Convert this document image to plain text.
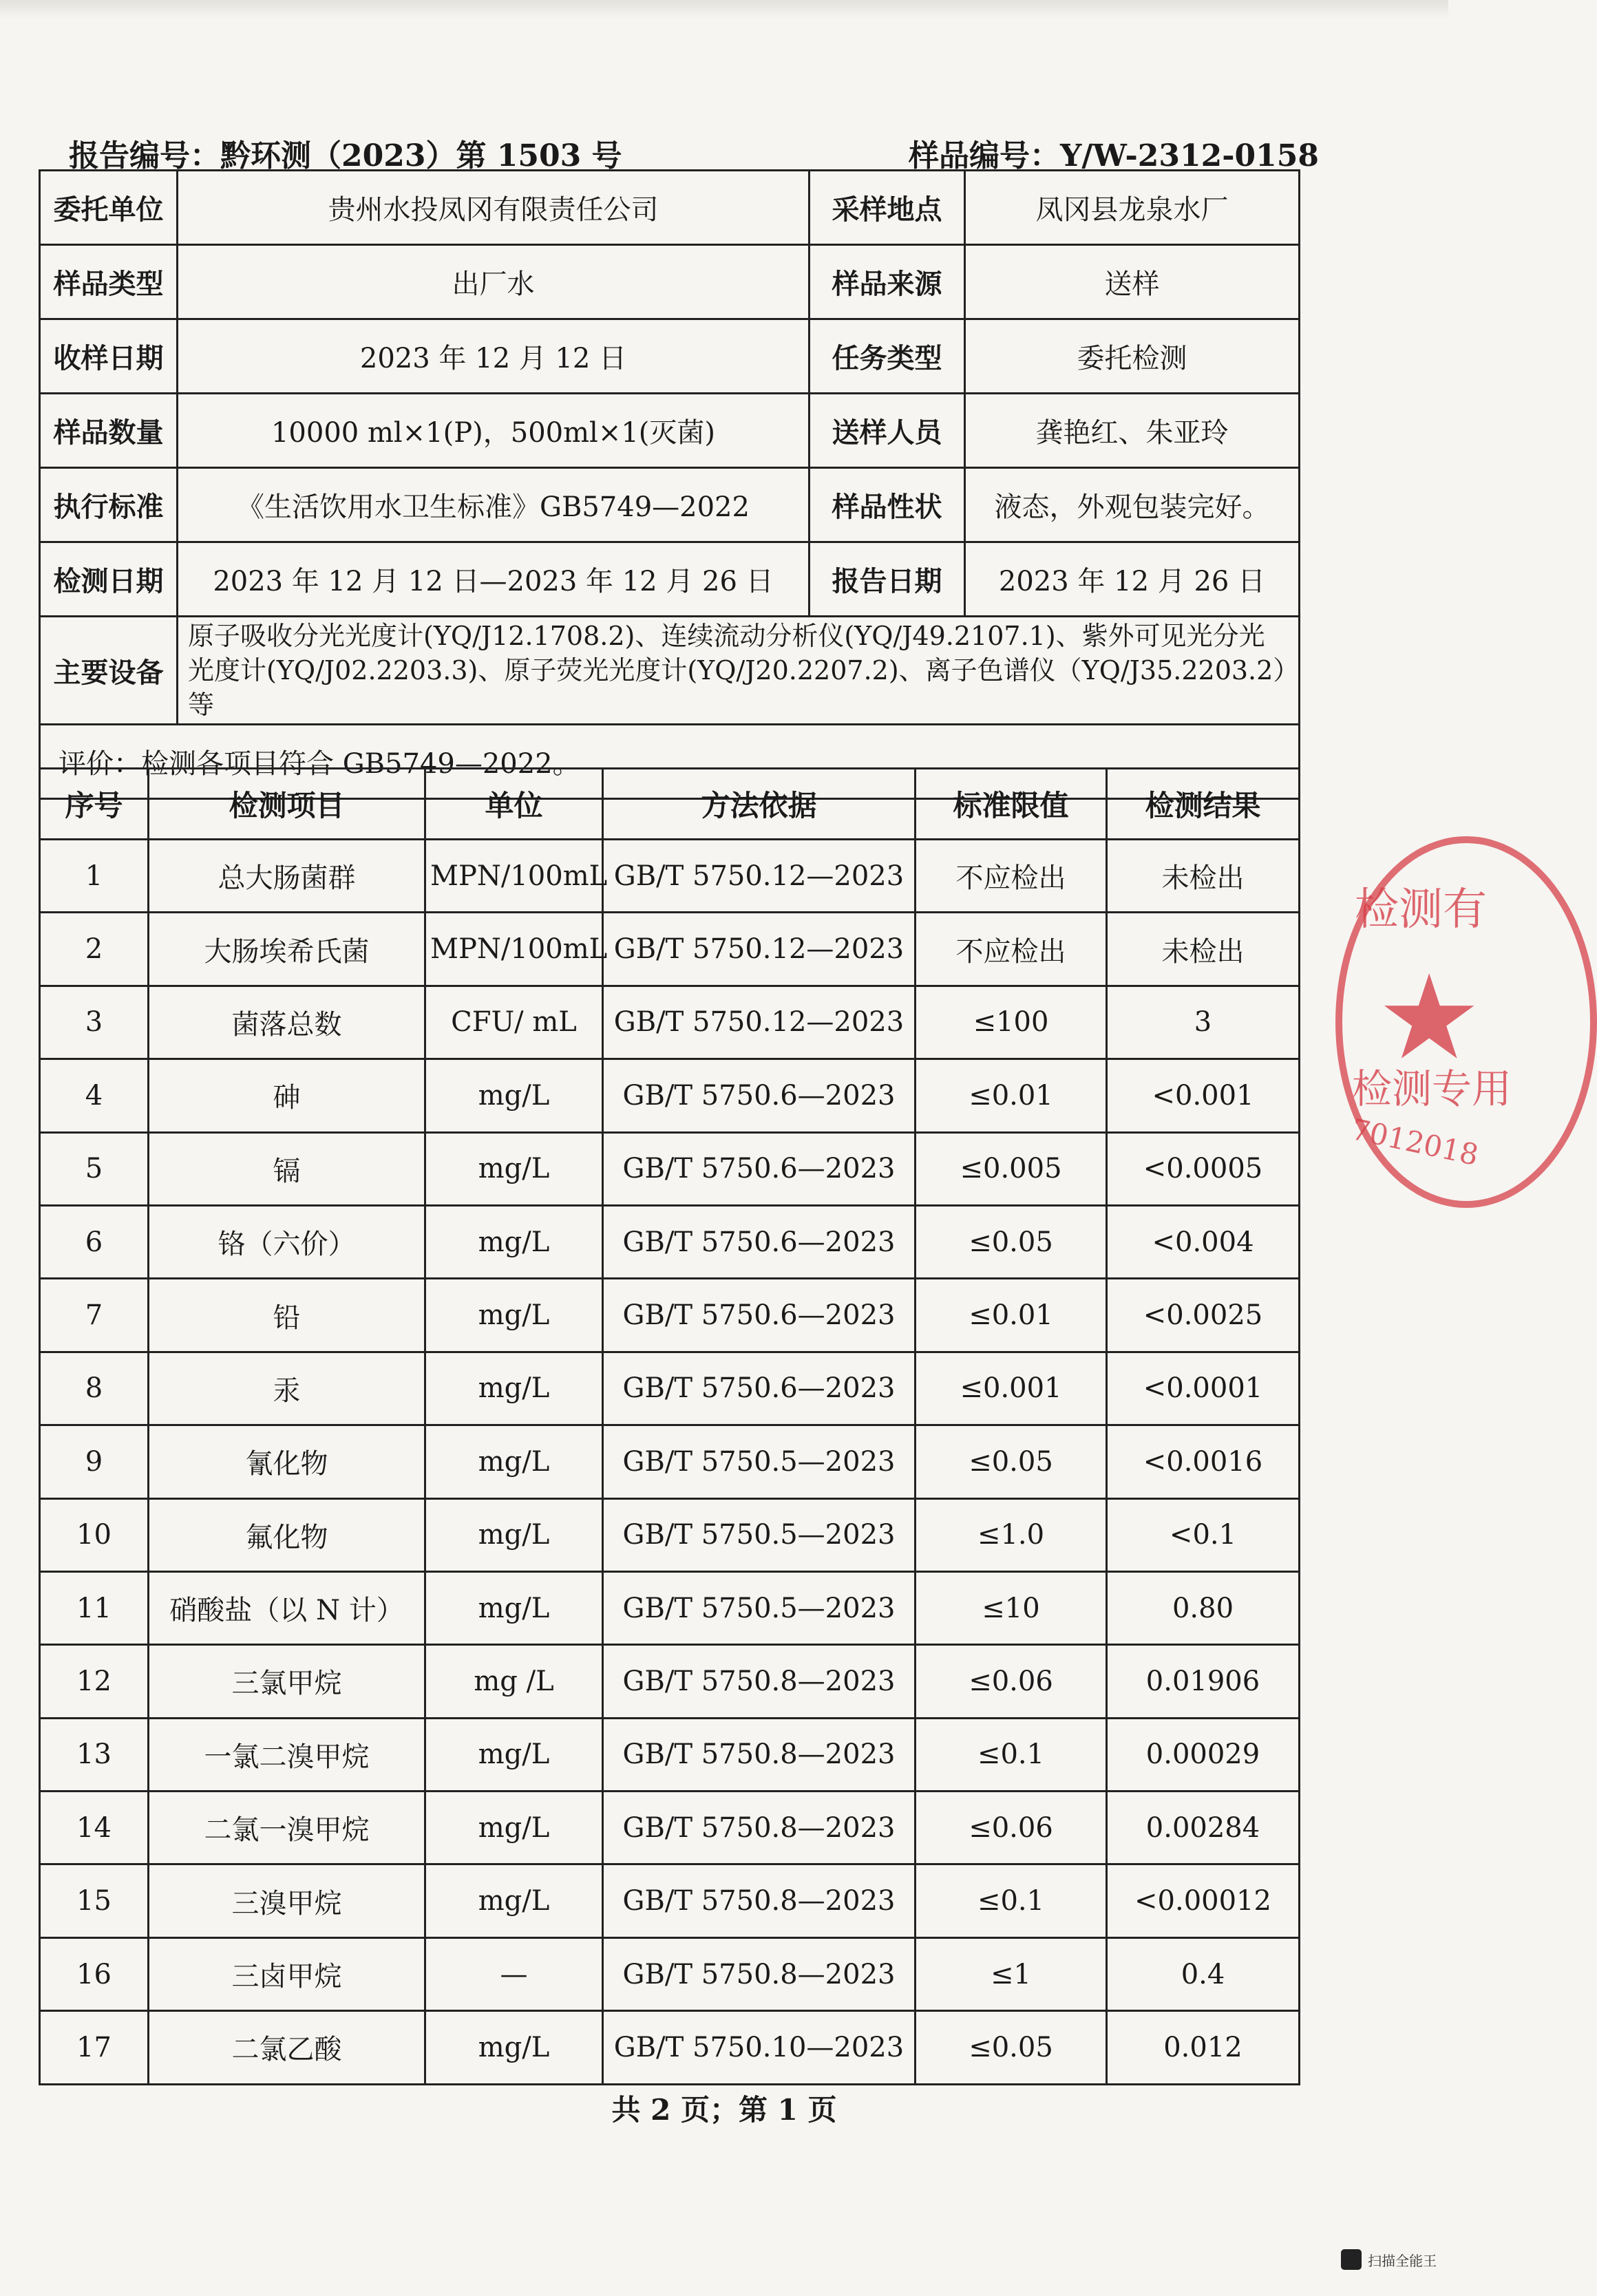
报告编号：黔环测（2023）第 1503 号	样品编号：Y/W-2312-0158
委托单位	贵州水投凤冈有限责任公司	采样地点	凤冈县龙泉水厂
样品类型	出厂水	样品来源	送样
收样日期	2023 年 12 月 12 日	任务类型	委托检测
样品数量	10000 ml×1(P)，500ml×1(灭菌)	送样人员	龚艳红、朱亚玲
执行标准	《生活饮用水卫生标准》GB5749—2022	样品性状	液态，外观包装完好。
检测日期	2023 年 12 月 12 日—2023 年 12 月 26 日	报告日期	2023 年 12 月 26 日
主要设备	原子吸收分光光度计(YQ/J12.1708.2)、连续流动分析仪(YQ/J49.2107.1)、紫外可见光分光光度计(YQ/J02.2203.3)、原子荧光光度计(YQ/J20.2207.2)、离子色谱仪（YQ/J35.2203.2）等		
评价：检测各项目符合 GB5749—2022。			
序号	检测项目	单位	方法依据	标准限值	检测结果
1	总大肠菌群	MPN/100mL	GB/T 5750.12—2023	不应检出	未检出
2	大肠埃希氏菌	MPN/100mL	GB/T 5750.12—2023	不应检出	未检出
3	菌落总数	CFU/ mL	GB/T 5750.12—2023	≤100	3
4	砷	mg/L	GB/T 5750.6—2023	≤0.01	<0.001
5	镉	mg/L	GB/T 5750.6—2023	≤0.005	<0.0005
6	铬（六价）	mg/L	GB/T 5750.6—2023	≤0.05	<0.004
7	铅	mg/L	GB/T 5750.6—2023	≤0.01	<0.0025
8	汞	mg/L	GB/T 5750.6—2023	≤0.001	<0.0001
9	氰化物	mg/L	GB/T 5750.5—2023	≤0.05	<0.0016
10	氟化物	mg/L	GB/T 5750.5—2023	≤1.0	<0.1
11	硝酸盐（以 N 计）	mg/L	GB/T 5750.5—2023	≤10	0.80
12	三氯甲烷	mg /L	GB/T 5750.8—2023	≤0.06	0.01906
13	一氯二溴甲烷	mg/L	GB/T 5750.8—2023	≤0.1	0.00029
14	二氯一溴甲烷	mg/L	GB/T 5750.8—2023	≤0.06	0.00284
15	三溴甲烷	mg/L	GB/T 5750.8—2023	≤0.1	<0.00012
16	三卤甲烷	—	GB/T 5750.8—2023	≤1	0.4
17	二氯乙酸	mg/L	GB/T 5750.10—2023	≤0.05	0.012
共 2 页；第 1 页
检测有
★
检测专用
7012018
扫描全能王
